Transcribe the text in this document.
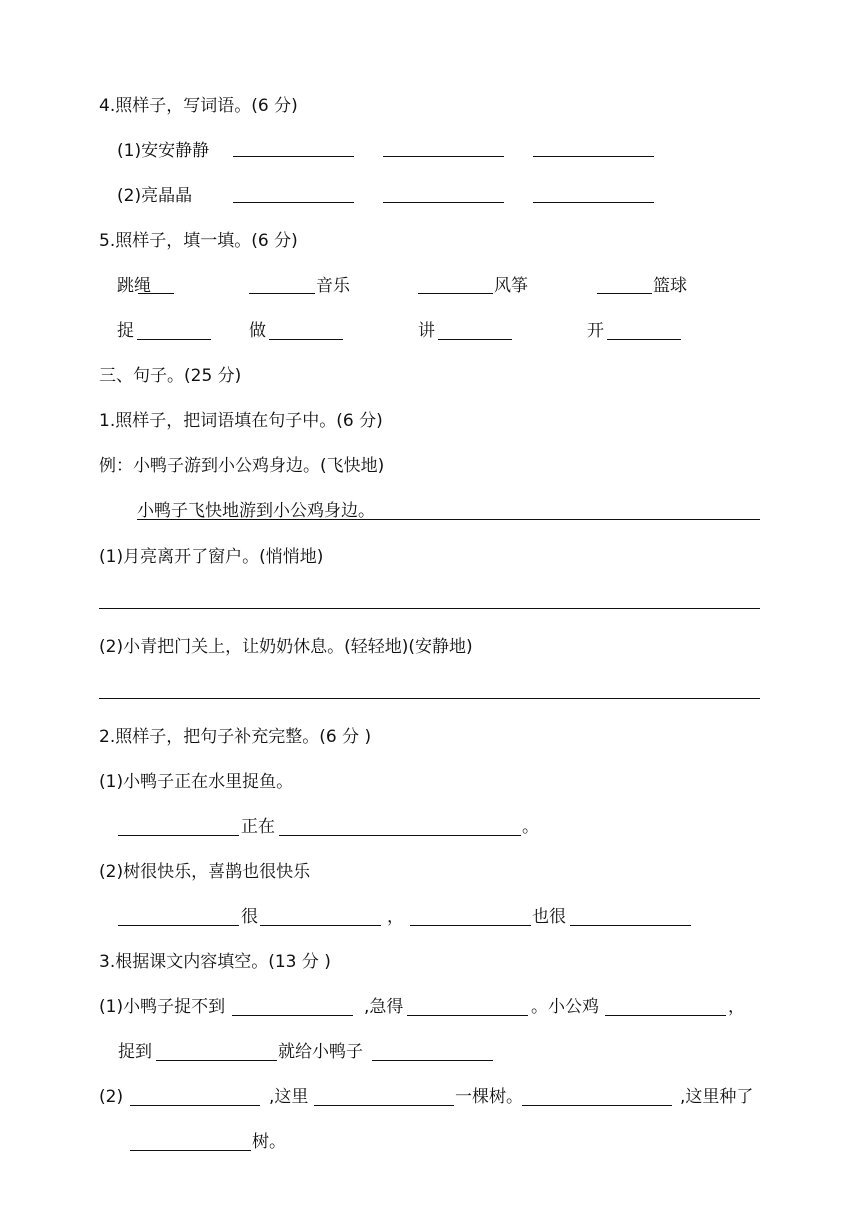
4.照样子，写词语。(6 分)
(1)安安静静
(2)亮晶晶
5.照样子，填一填。(6 分)
跳绳	音乐	风筝	篮球
捉	做	讲	开
三、句子。(25 分)
1.照样子，把词语填在句子中。(6 分)
例：小鸭子游到小公鸡身边。(飞快地)
小鸭子飞快地游到小公鸡身边。
(1)月亮离开了窗户。(悄悄地)
(2)小青把门关上，让奶奶休息。(轻轻地)(安静地)
2.照样子，把句子补充完整。(6 分 )
(1)小鸭子正在水里捉鱼。
正在	。
(2)树很快乐，喜鹊也很快乐
很	，	也很
3.根据课文内容填空。(13 分 )
(1)小鸭子捉不到	,急得	。小公鸡	，
捉到	就给小鸭子
(2)	,这里	一棵树。	,这里种了
树。
